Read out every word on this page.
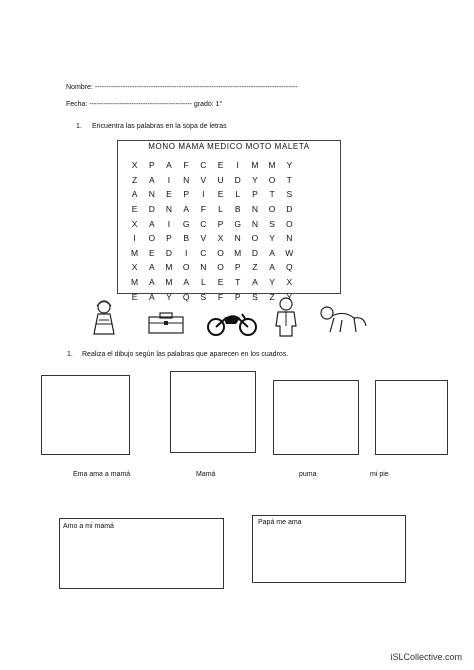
Nombre: ---------------------------------------------------------------------------------------
Fecha: -------------------------------------------- grado: 1°
1. Encuentra las palabras en la sopa de letras
MONO MAMA MEDICO MOTO MALETA
X	P	A	F	C	E	I	M	M	Y
Z	A	I	N	V	U	D	Y	O	T
A	N	E	P	I	E	L	P	T	S
E	D	N	A	F	L	B	N	O	D
X	A	I	G	C	P	G	N	S	O
I	O	P	B	V	X	N	O	Y	N
M	E	D	I	C	O	M	D	A	W
X	A	M	O	N	O	P	Z	A	Q
M	A	M	A	L	E	T	A	Y	X
E	A	Y	Q	S	F	P	S	Z	Y
1. Realiza el dibujo según las palabras que aparecen en los cuadros.
Ema ama a mamá	Mamá	puma	mi pie
Amo a mi mamá
Papá me ama
iSLCollective.com
